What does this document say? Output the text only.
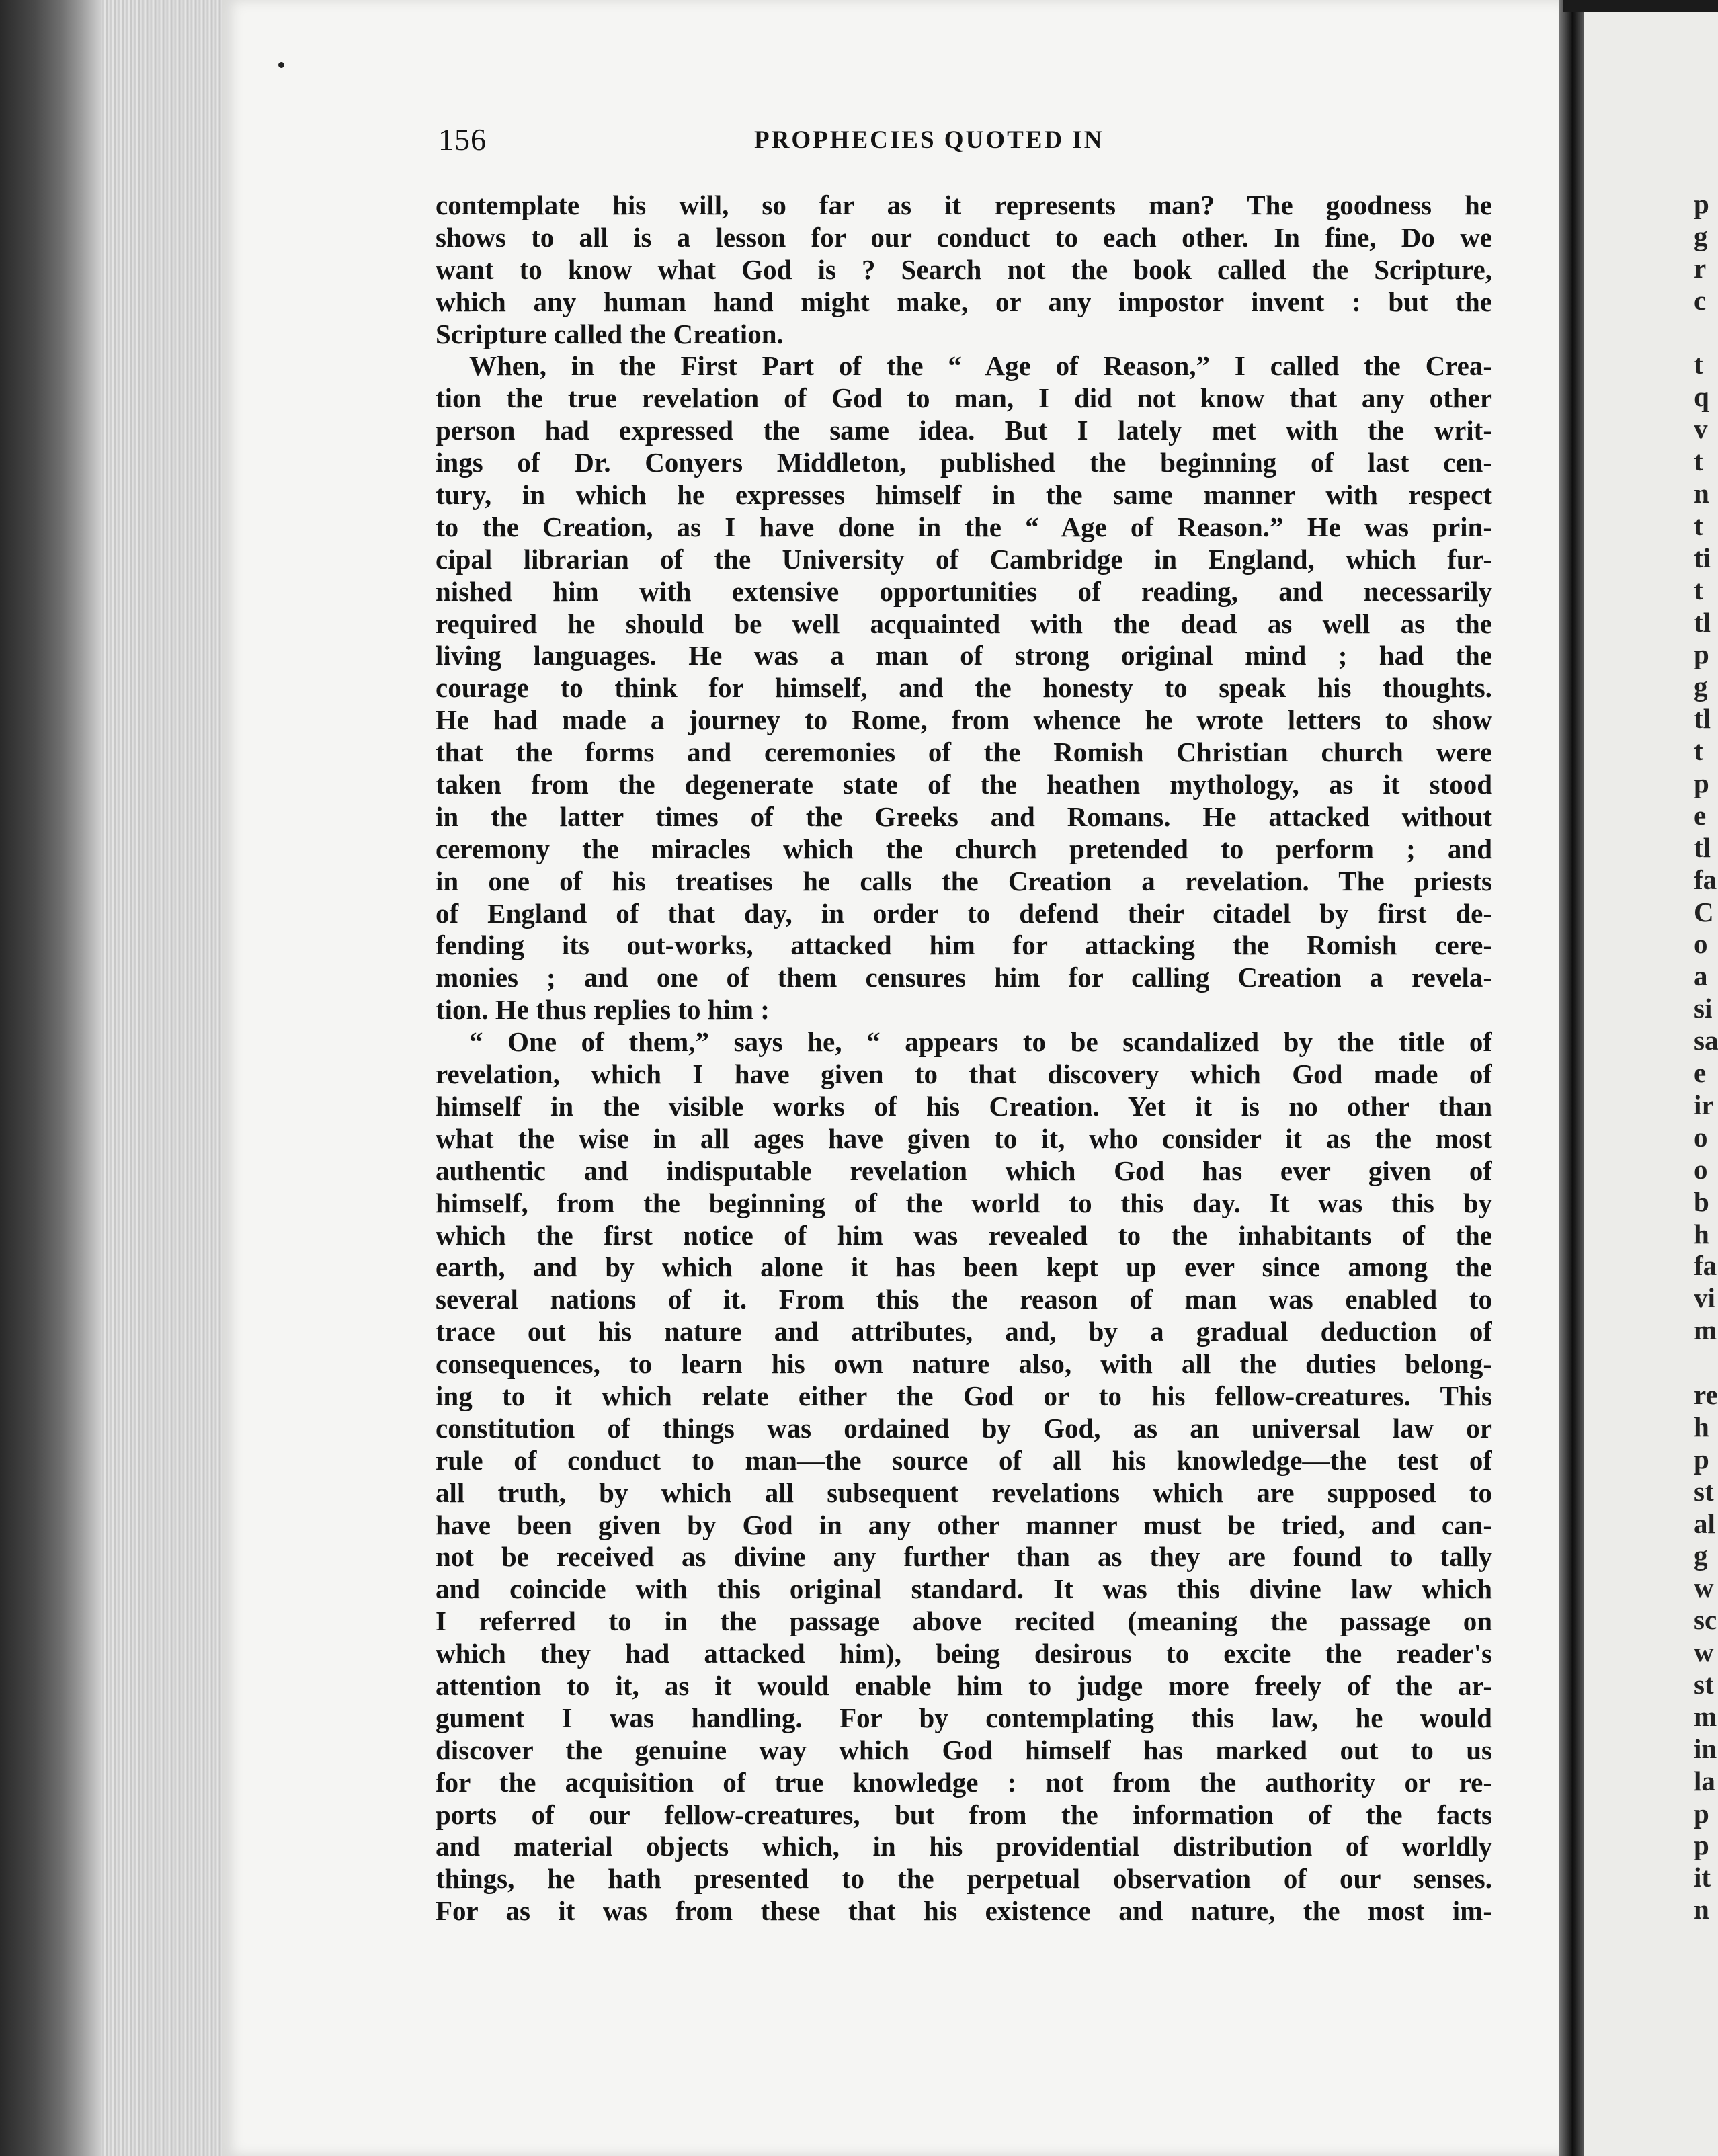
p
g
r
c
t
q
v
t
n
t
ti
t
tl
p
g
tl
t
p
e
tl
fa
C
o
a
si
sa
e
ir
o
o
b
h
fa
vi
m
re
h
p
st
al
g
w
sc
w
st
m
in
la
p
p
it
n
156	PROPHECIES QUOTED IN
contemplate his will, so far as it represents man? The goodness he
shows to all is a lesson for our conduct to each other. In fine, Do we
want to know what God is ? Search not the book called the Scripture,
which any human hand might make, or any impostor invent : but the
Scripture called the Creation.
When, in the First Part of the “ Age of Reason,” I called the Crea-
tion the true revelation of God to man, I did not know that any other
person had expressed the same idea. But I lately met with the writ-
ings of Dr. Conyers Middleton, published the beginning of last cen-
tury, in which he expresses himself in the same manner with respect
to the Creation, as I have done in the “ Age of Reason.” He was prin-
cipal librarian of the University of Cambridge in England, which fur-
nished him with extensive opportunities of reading, and necessarily
required he should be well acquainted with the dead as well as the
living languages. He was a man of strong original mind ; had the
courage to think for himself, and the honesty to speak his thoughts.
He had made a journey to Rome, from whence he wrote letters to show
that the forms and ceremonies of the Romish Christian church were
taken from the degenerate state of the heathen mythology, as it stood
in the latter times of the Greeks and Romans. He attacked without
ceremony the miracles which the church pretended to perform ; and
in one of his treatises he calls the Creation a revelation. The priests
of England of that day, in order to defend their citadel by first de-
fending its out-works, attacked him for attacking the Romish cere-
monies ; and one of them censures him for calling Creation a revela-
tion. He thus replies to him :
“ One of them,” says he, “ appears to be scandalized by the title of
revelation, which I have given to that discovery which God made of
himself in the visible works of his Creation. Yet it is no other than
what the wise in all ages have given to it, who consider it as the most
authentic and indisputable revelation which God has ever given of
himself, from the beginning of the world to this day. It was this by
which the first notice of him was revealed to the inhabitants of the
earth, and by which alone it has been kept up ever since among the
several nations of it. From this the reason of man was enabled to
trace out his nature and attributes, and, by a gradual deduction of
consequences, to learn his own nature also, with all the duties belong-
ing to it which relate either the God or to his fellow-creatures. This
constitution of things was ordained by God, as an universal law or
rule of conduct to man—the source of all his knowledge—the test of
all truth, by which all subsequent revelations which are supposed to
have been given by God in any other manner must be tried, and can-
not be received as divine any further than as they are found to tally
and coincide with this original standard. It was this divine law which
I referred to in the passage above recited (meaning the passage on
which they had attacked him), being desirous to excite the reader's
attention to it, as it would enable him to judge more freely of the ar-
gument I was handling. For by contemplating this law, he would
discover the genuine way which God himself has marked out to us
for the acquisition of true knowledge : not from the authority or re-
ports of our fellow-creatures, but from the information of the facts
and material objects which, in his providential distribution of worldly
things, he hath presented to the perpetual observation of our senses.
For as it was from these that his existence and nature, the most im-
